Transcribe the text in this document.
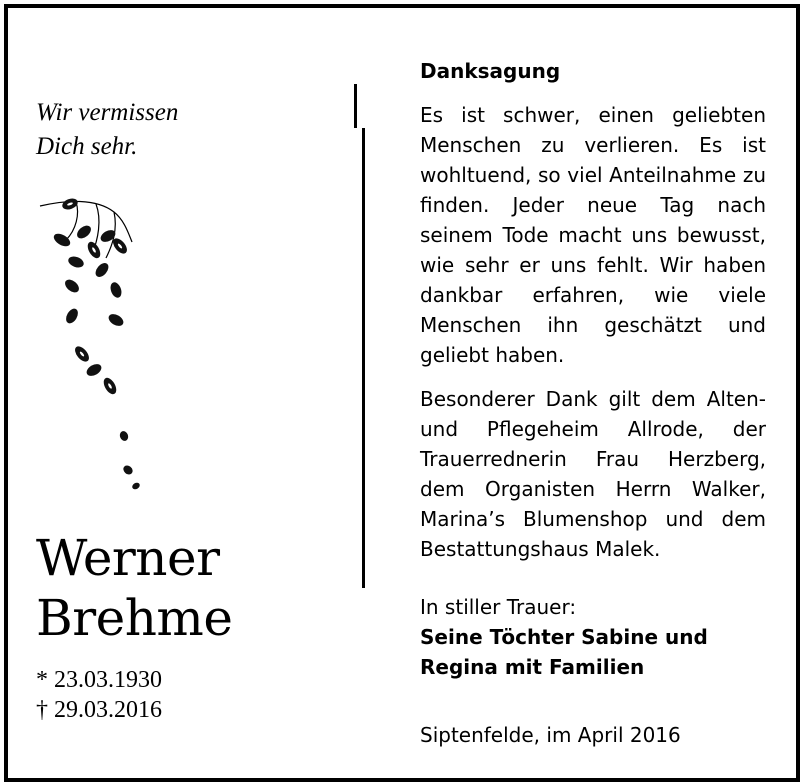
Wir vermissen
Dich sehr.
Werner
Brehme
* 23.03.1930
† 29.03.2016
Danksagung

Es ist schwer, einen geliebten Menschen zu verlieren. Es ist wohltuend, so viel Anteilnahme zu finden. Jeder neue Tag nach seinem Tode macht uns bewusst, wie sehr er uns fehlt. Wir haben dankbar erfahren, wie viele Menschen ihn geschätzt und geliebt haben.

Besonderer Dank gilt dem Alten- und Pflegeheim Allrode, der Trauerrednerin Frau Herzberg, dem Organisten Herrn Walker, Marina’s Blumenshop und dem Bestattungshaus Malek.

In stiller Trauer:
Seine Töchter Sabine und
Regina mit Familien
Siptenfelde, im April 2016
